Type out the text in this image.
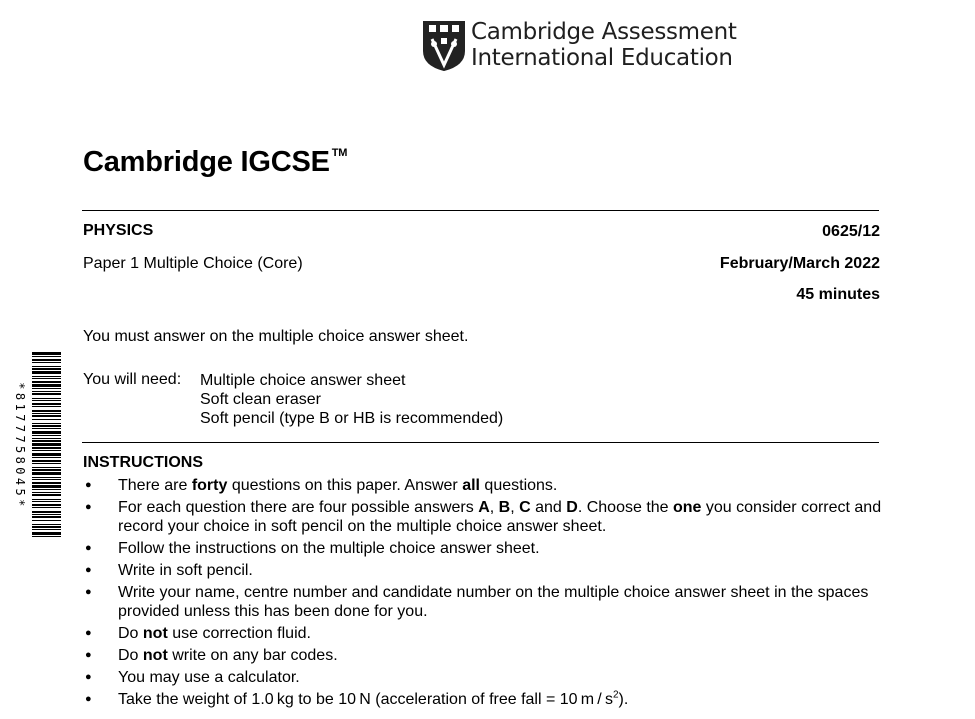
Cambridge Assessment
International Education
Cambridge IGCSE ™
PHYSICS	0625/12
Paper 1 Multiple Choice (Core)	February/March 2022
45 minutes
You must answer on the multiple choice answer sheet.
You will need: Multiple choice answer sheet
Soft clean eraser
Soft pencil (type B or HB is recommended)
INSTRUCTIONS
● There are forty questions on this paper. Answer all questions.
● For each question there are four possible answers A, B, C and D. Choose the one you consider correct and record your choice in soft pencil on the multiple choice answer sheet.
● Follow the instructions on the multiple choice answer sheet.
● Write in soft pencil.
● Write your name, centre number and candidate number on the multiple choice answer sheet in the spaces provided unless this has been done for you.
● Do not use correction fluid.
● Do not write on any bar codes.
● You may use a calculator.
● Take the weight of 1.0 kg to be 10 N (acceleration of free fall = 10 m / $s^2$).
*8177758045*
